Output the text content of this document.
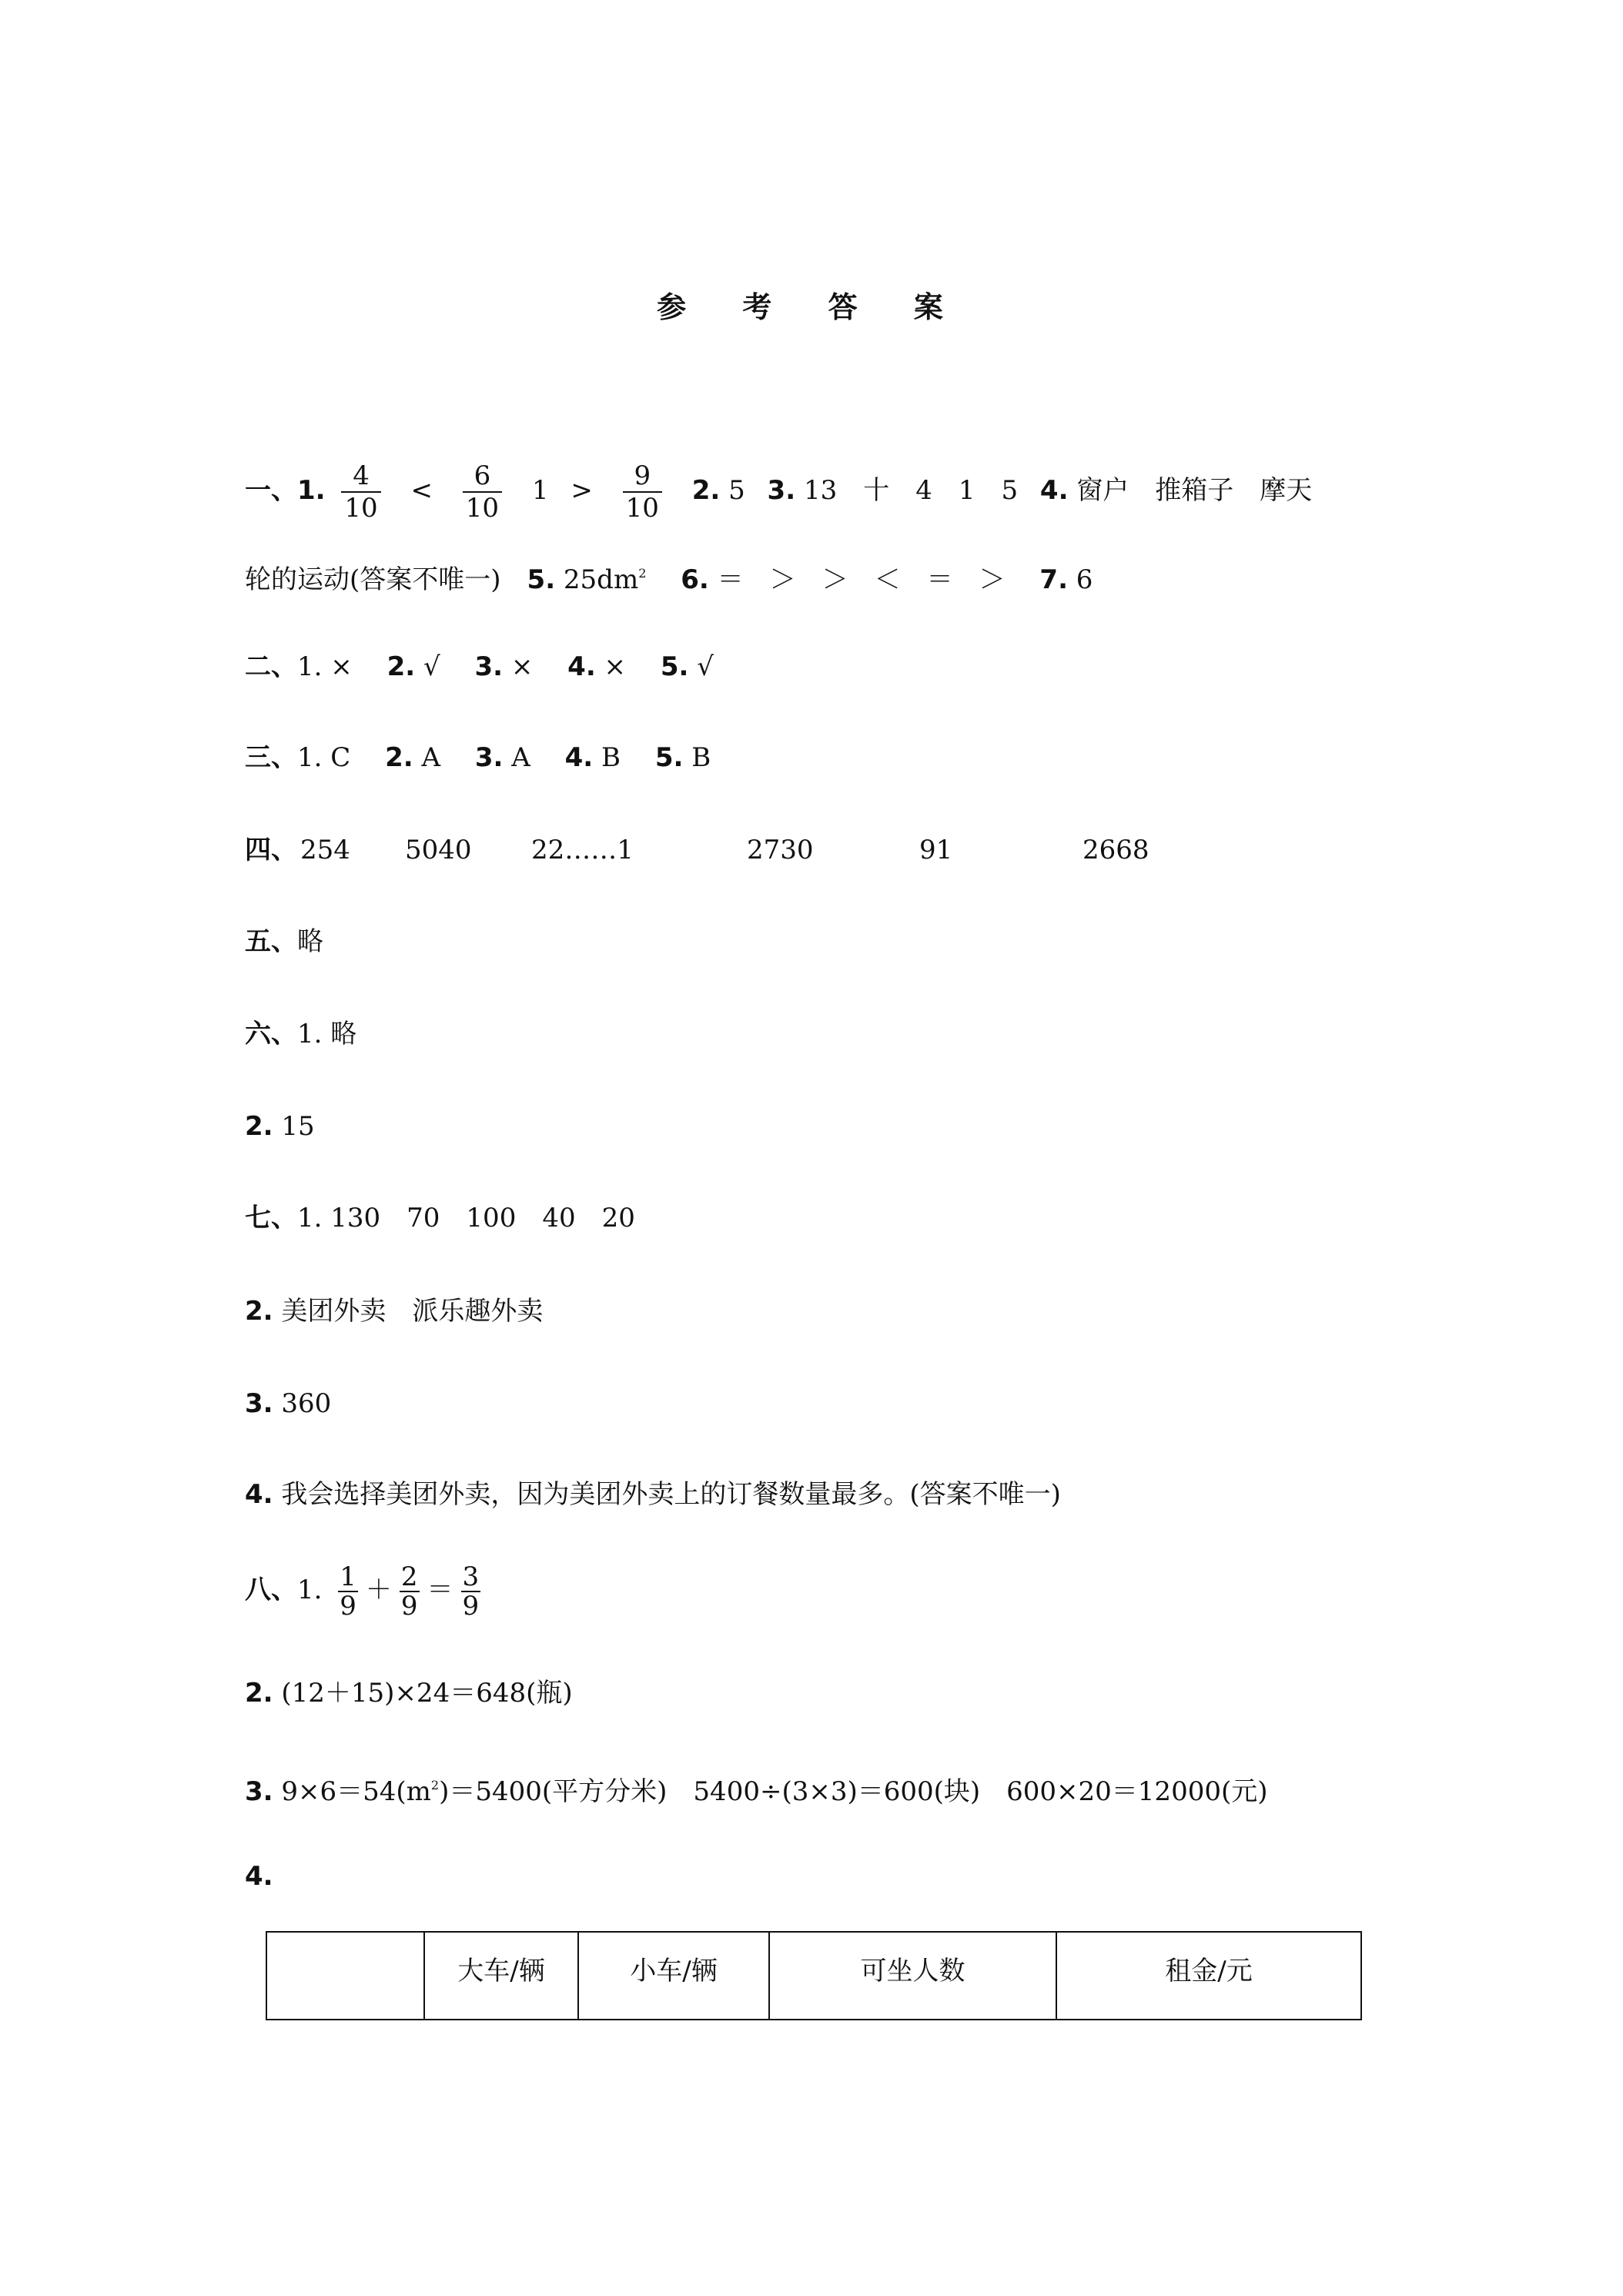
参 考 答 案
一、1. $\frac{4}{10} < \frac{6}{10} 1 > \frac{9}{10} 2$. 5 3. 13　十　4　1　5 4. 窗户　推箱子　摩天
轮的运动(答案不唯一) 5. $25dm^2$ 6. ＝　＞　＞　＜　＝　＞ 7. 6
二、1. × 2. √ 3. × 4. × 5. √
三、1. C 2. A 3. A 4. B 5. B
四、 254 5040 22……1	2730	91	2668
五、略
六、1. 略
2. 15
七、1. 130　70　100　40　20
2. 美团外卖　派乐趣外卖
3. 360
4. 我会选择美团外卖，因为美团外卖上的订餐数量最多。(答案不唯一)
八、1. $\frac{1}{9} + \frac{2}{9} = \frac{3}{9}$
2. (12＋15)×24＝648(瓶)
3. $9\times 6=54(m^2)=5400$(平方分米)　5400÷(3×3)＝600(块)　600×20＝12000(元)
4.
	大车/辆	小车/辆	可坐人数	租金/元
